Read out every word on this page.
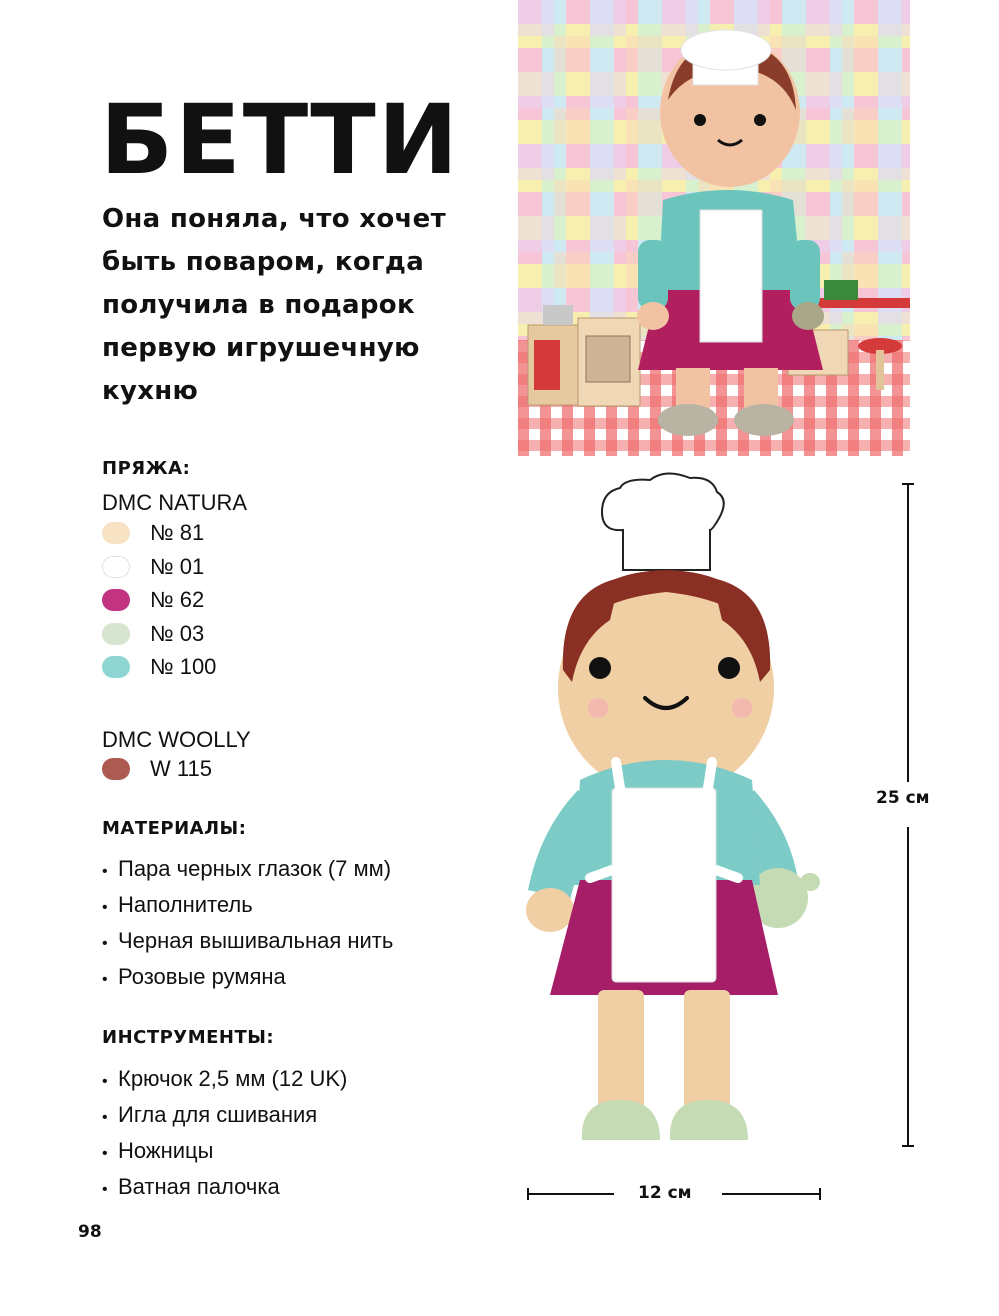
БЕТТИ
Она поняла, что хочет быть поваром, когда получила в подарок первую игрушечную кухню
ПРЯЖА:
DMC NATURA
№ 81
№ 01
№ 62
№ 03
№ 100
DMC WOOLLY
W 115
МАТЕРИАЛЫ:
• Пара черных глазок (7 мм)
• Наполнитель
• Черная вышивальная нить
• Розовые румяна
ИНСТРУМЕНТЫ:
• Крючок 2,5 мм (12 UK)
• Игла для сшивания
• Ножницы
• Ватная палочка
25 см
12 см
98
